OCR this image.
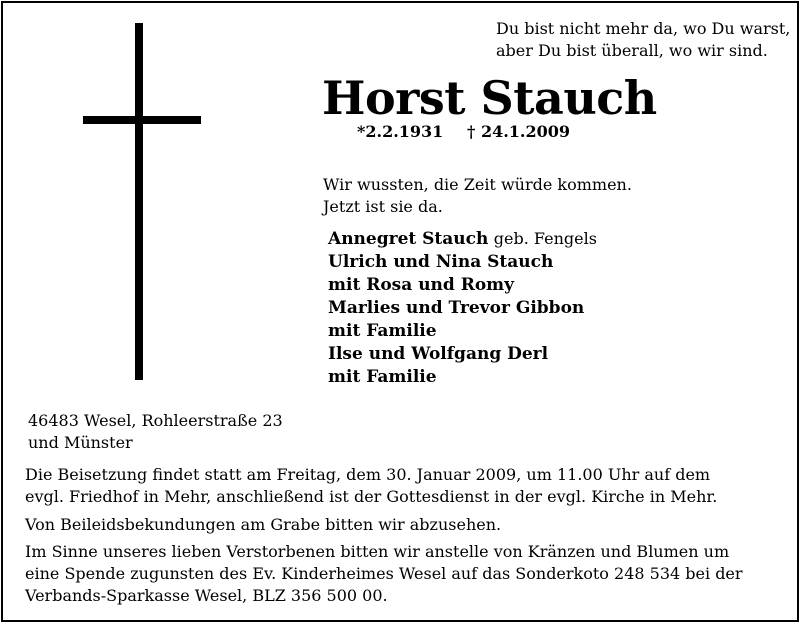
Du bist nicht mehr da, wo Du warst,
aber Du bist überall, wo wir sind.
Horst Stauch
*2.2.1931 † 24.1.2009
Wir wussten, die Zeit würde kommen.
Jetzt ist sie da.
Annegret Stauch geb. Fengels
Ulrich und Nina Stauch
mit Rosa und Romy
Marlies und Trevor Gibbon
mit Familie
Ilse und Wolfgang Derl
mit Familie
46483 Wesel, Rohleerstraße 23
und Münster
Die Beisetzung findet statt am Freitag, dem 30. Januar 2009, um 11.00 Uhr auf dem
evgl. Friedhof in Mehr, anschließend ist der Gottesdienst in der evgl. Kirche in Mehr.
Von Beileidsbekundungen am Grabe bitten wir abzusehen.
Im Sinne unseres lieben Verstorbenen bitten wir anstelle von Kränzen und Blumen um
eine Spende zugunsten des Ev. Kinderheimes Wesel auf das Sonderkoto 248 534 bei der
Verbands-Sparkasse Wesel, BLZ 356 500 00.
